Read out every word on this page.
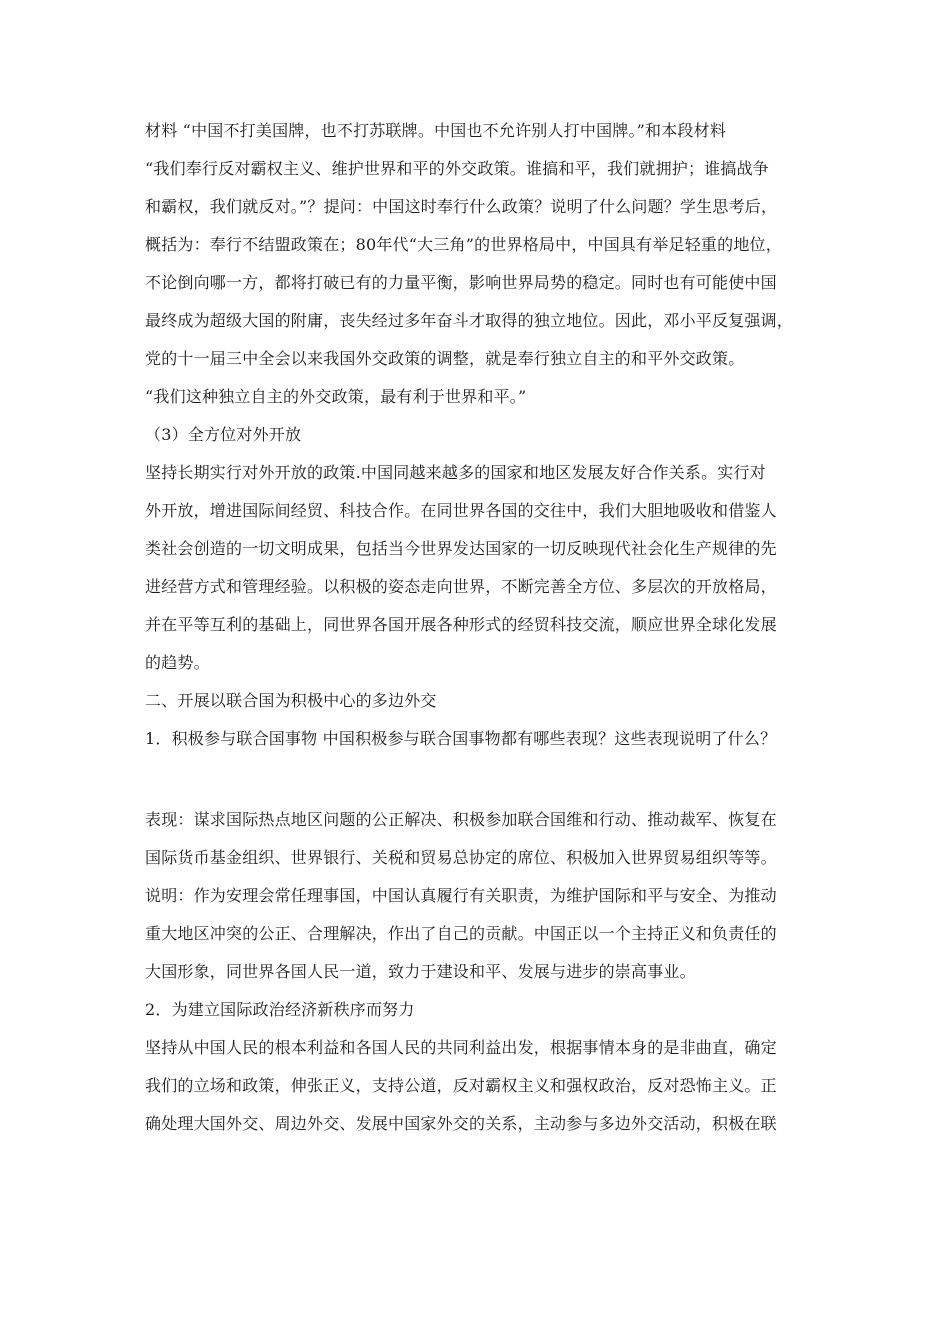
材料 “中国不打美国牌，也不打苏联牌。中国也不允许别人打中国牌。”和本段材料
“我们奉行反对霸权主义、维护世界和平的外交政策。谁搞和平，我们就拥护；谁搞战争
和霸权，我们就反对。”？提问：中国这时奉行什么政策？说明了什么问题？学生思考后，
概括为：奉行不结盟政策在；80年代“大三角”的世界格局中，中国具有举足轻重的地位，
不论倒向哪一方，都将打破已有的力量平衡，影响世界局势的稳定。同时也有可能使中国
最终成为超级大国的附庸，丧失经过多年奋斗才取得的独立地位。因此，邓小平反复强调，
党的十一届三中全会以来我国外交政策的调整，就是奉行独立自主的和平外交政策。
“我们这种独立自主的外交政策，最有利于世界和平。”
（3）全方位对外开放
坚持长期实行对外开放的政策.中国同越来越多的国家和地区发展友好合作关系。实行对
外开放，增进国际间经贸、科技合作。在同世界各国的交往中，我们大胆地吸收和借鉴人
类社会创造的一切文明成果，包括当今世界发达国家的一切反映现代社会化生产规律的先
进经营方式和管理经验。以积极的姿态走向世界，不断完善全方位、多层次的开放格局，
并在平等互利的基础上，同世界各国开展各种形式的经贸科技交流，顺应世界全球化发展
的趋势。
二、开展以联合国为积极中心的多边外交
1．积极参与联合国事物 中国积极参与联合国事物都有哪些表现？这些表现说明了什么？
表现：谋求国际热点地区问题的公正解决、积极参加联合国维和行动、推动裁军、恢复在
国际货币基金组织、世界银行、关税和贸易总协定的席位、积极加入世界贸易组织等等。
说明：作为安理会常任理事国，中国认真履行有关职责，为维护国际和平与安全、为推动
重大地区冲突的公正、合理解决，作出了自己的贡献。中国正以一个主持正义和负责任的
大国形象，同世界各国人民一道，致力于建设和平、发展与进步的崇高事业。
2．为建立国际政治经济新秩序而努力
坚持从中国人民的根本利益和各国人民的共同利益出发，根据事情本身的是非曲直，确定
我们的立场和政策，伸张正义，支持公道，反对霸权主义和强权政治，反对恐怖主义。正
确处理大国外交、周边外交、发展中国家外交的关系，主动参与多边外交活动，积极在联
